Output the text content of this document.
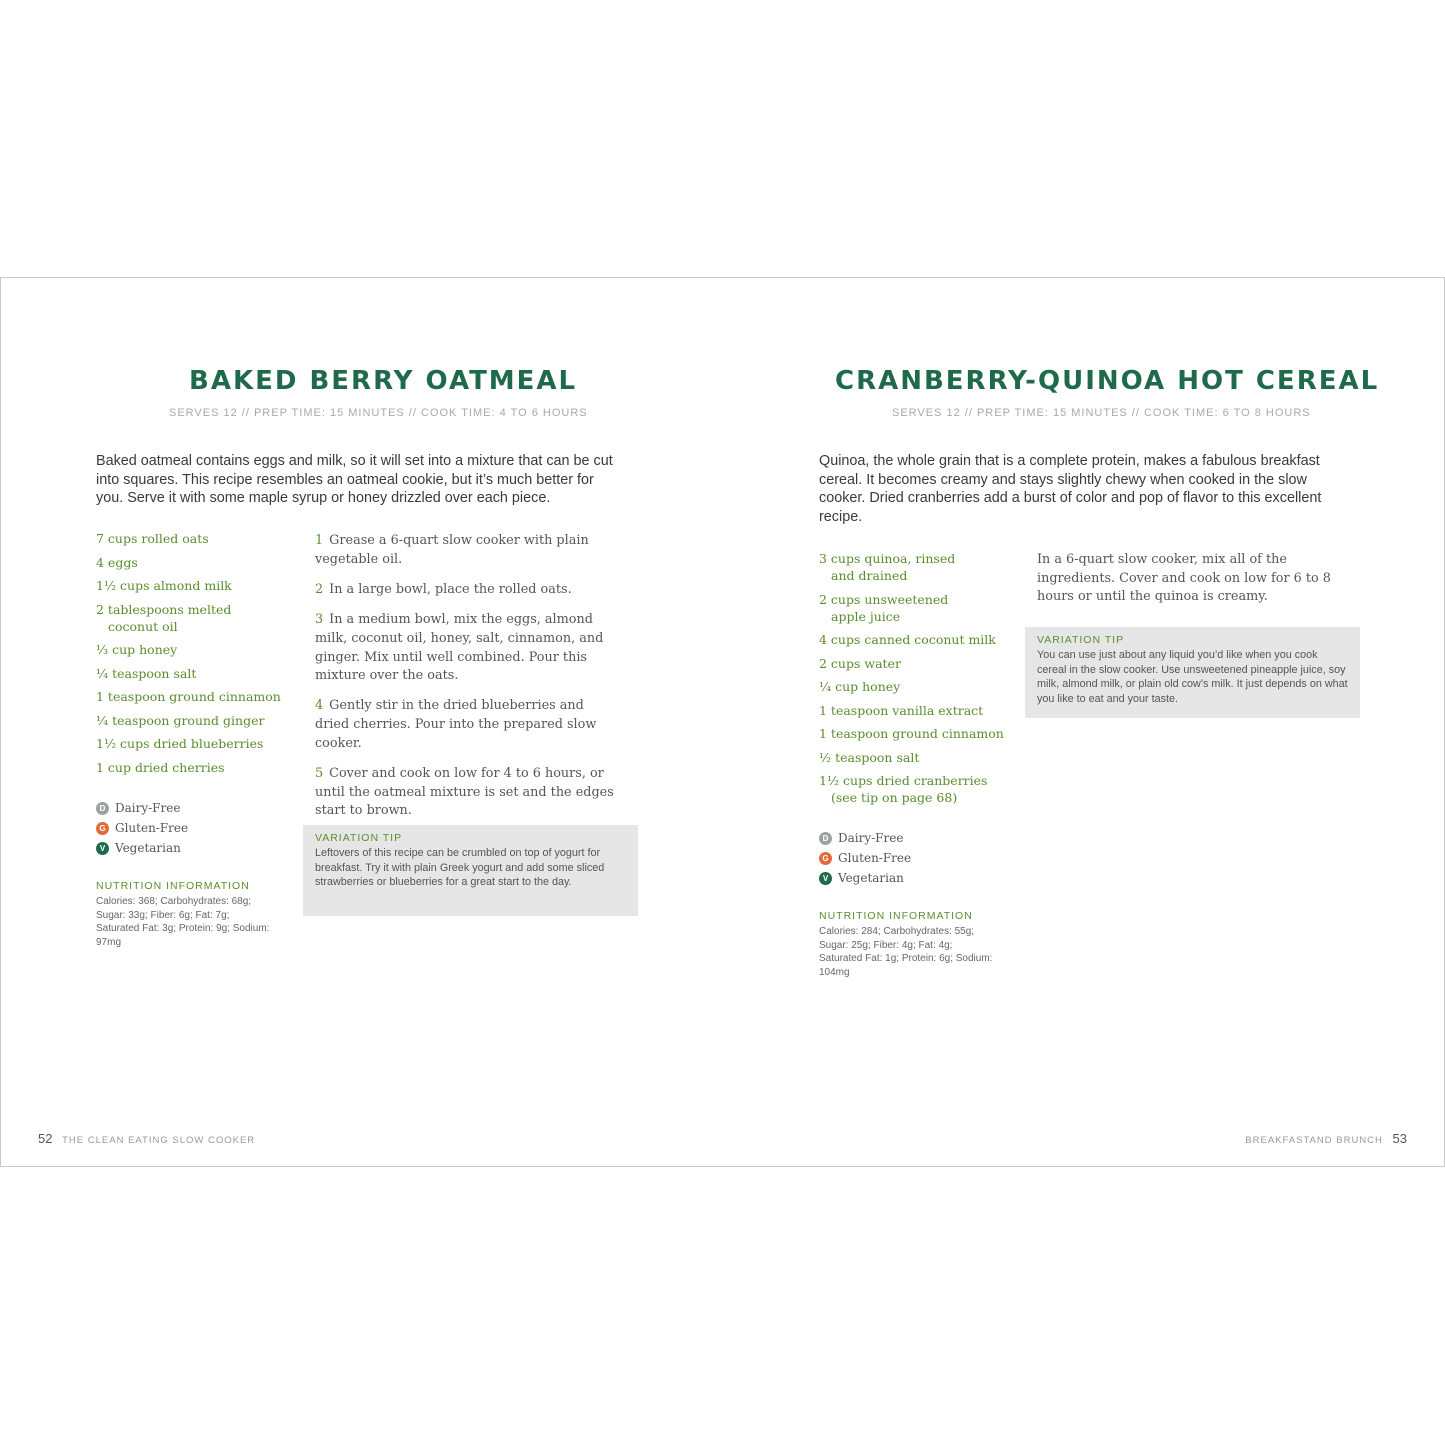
BAKED BERRY OATMEAL
SERVES 12 // PREP TIME: 15 MINUTES // COOK TIME: 4 TO 6 HOURS

Baked oatmeal contains eggs and milk, so it will set into a mixture that can be cut into squares. This recipe resembles an oatmeal cookie, but it’s much better for you. Serve it with some maple syrup or honey drizzled over each piece.

7 cups rolled oats
4 eggs
1½ cups almond milk
2 tablespoons melted coconut oil
⅓ cup honey
¼ teaspoon salt
1 teaspoon ground cinnamon
¼ teaspoon ground ginger
1½ cups dried blueberries
1 cup dried cherries
1 Grease a 6-quart slow cooker with plain vegetable oil.
2 In a large bowl, place the rolled oats.
3 In a medium bowl, mix the eggs, almond milk, coconut oil, honey, salt, cinnamon, and ginger. Mix until well combined. Pour this mixture over the oats.
4 Gently stir in the dried blueberries and dried cherries. Pour into the prepared slow cooker.
5 Cover and cook on low for 4 to 6 hours, or until the oatmeal mixture is set and the edges start to brown.
D Dairy-Free
G Gluten-Free
V Vegetarian
NUTRITION INFORMATION

Calories: 368; Carbohydrates: 68g; Sugar: 33g; Fiber: 6g; Fat: 7g; Saturated Fat: 3g; Protein: 9g; Sodium: 97mg

VARIATION TIP

Leftovers of this recipe can be crumbled on top of yogurt for breakfast. Try it with plain Greek yogurt and add some sliced strawberries or blueberries for a great start to the day.

52 THE CLEAN EATING SLOW COOKER
CRANBERRY-QUINOA HOT CEREAL
SERVES 12 // PREP TIME: 15 MINUTES // COOK TIME: 6 TO 8 HOURS

Quinoa, the whole grain that is a complete protein, makes a fabulous breakfast cereal. It becomes creamy and stays slightly chewy when cooked in the slow cooker. Dried cranberries add a burst of color and pop of flavor to this excellent recipe.

3 cups quinoa, rinsed and drained
2 cups unsweetened apple juice
4 cups canned coconut milk
2 cups water
¼ cup honey
1 teaspoon vanilla extract
1 teaspoon ground cinnamon
½ teaspoon salt
1½ cups dried cranberries (see tip on page 68)

In a 6-quart slow cooker, mix all of the ingredients. Cover and cook on low for 6 to 8 hours or until the quinoa is creamy.

VARIATION TIP

You can use just about any liquid you’d like when you cook cereal in the slow cooker. Use unsweetened pineapple juice, soy milk, almond milk, or plain old cow’s milk. It just depends on what you like to eat and your taste.

D Dairy-Free
G Gluten-Free
V Vegetarian
NUTRITION INFORMATION

Calories: 284; Carbohydrates: 55g; Sugar: 25g; Fiber: 4g; Fat: 4g; Saturated Fat: 1g; Protein: 6g; Sodium: 104mg

BREAKFASTAND BRUNCH 53
